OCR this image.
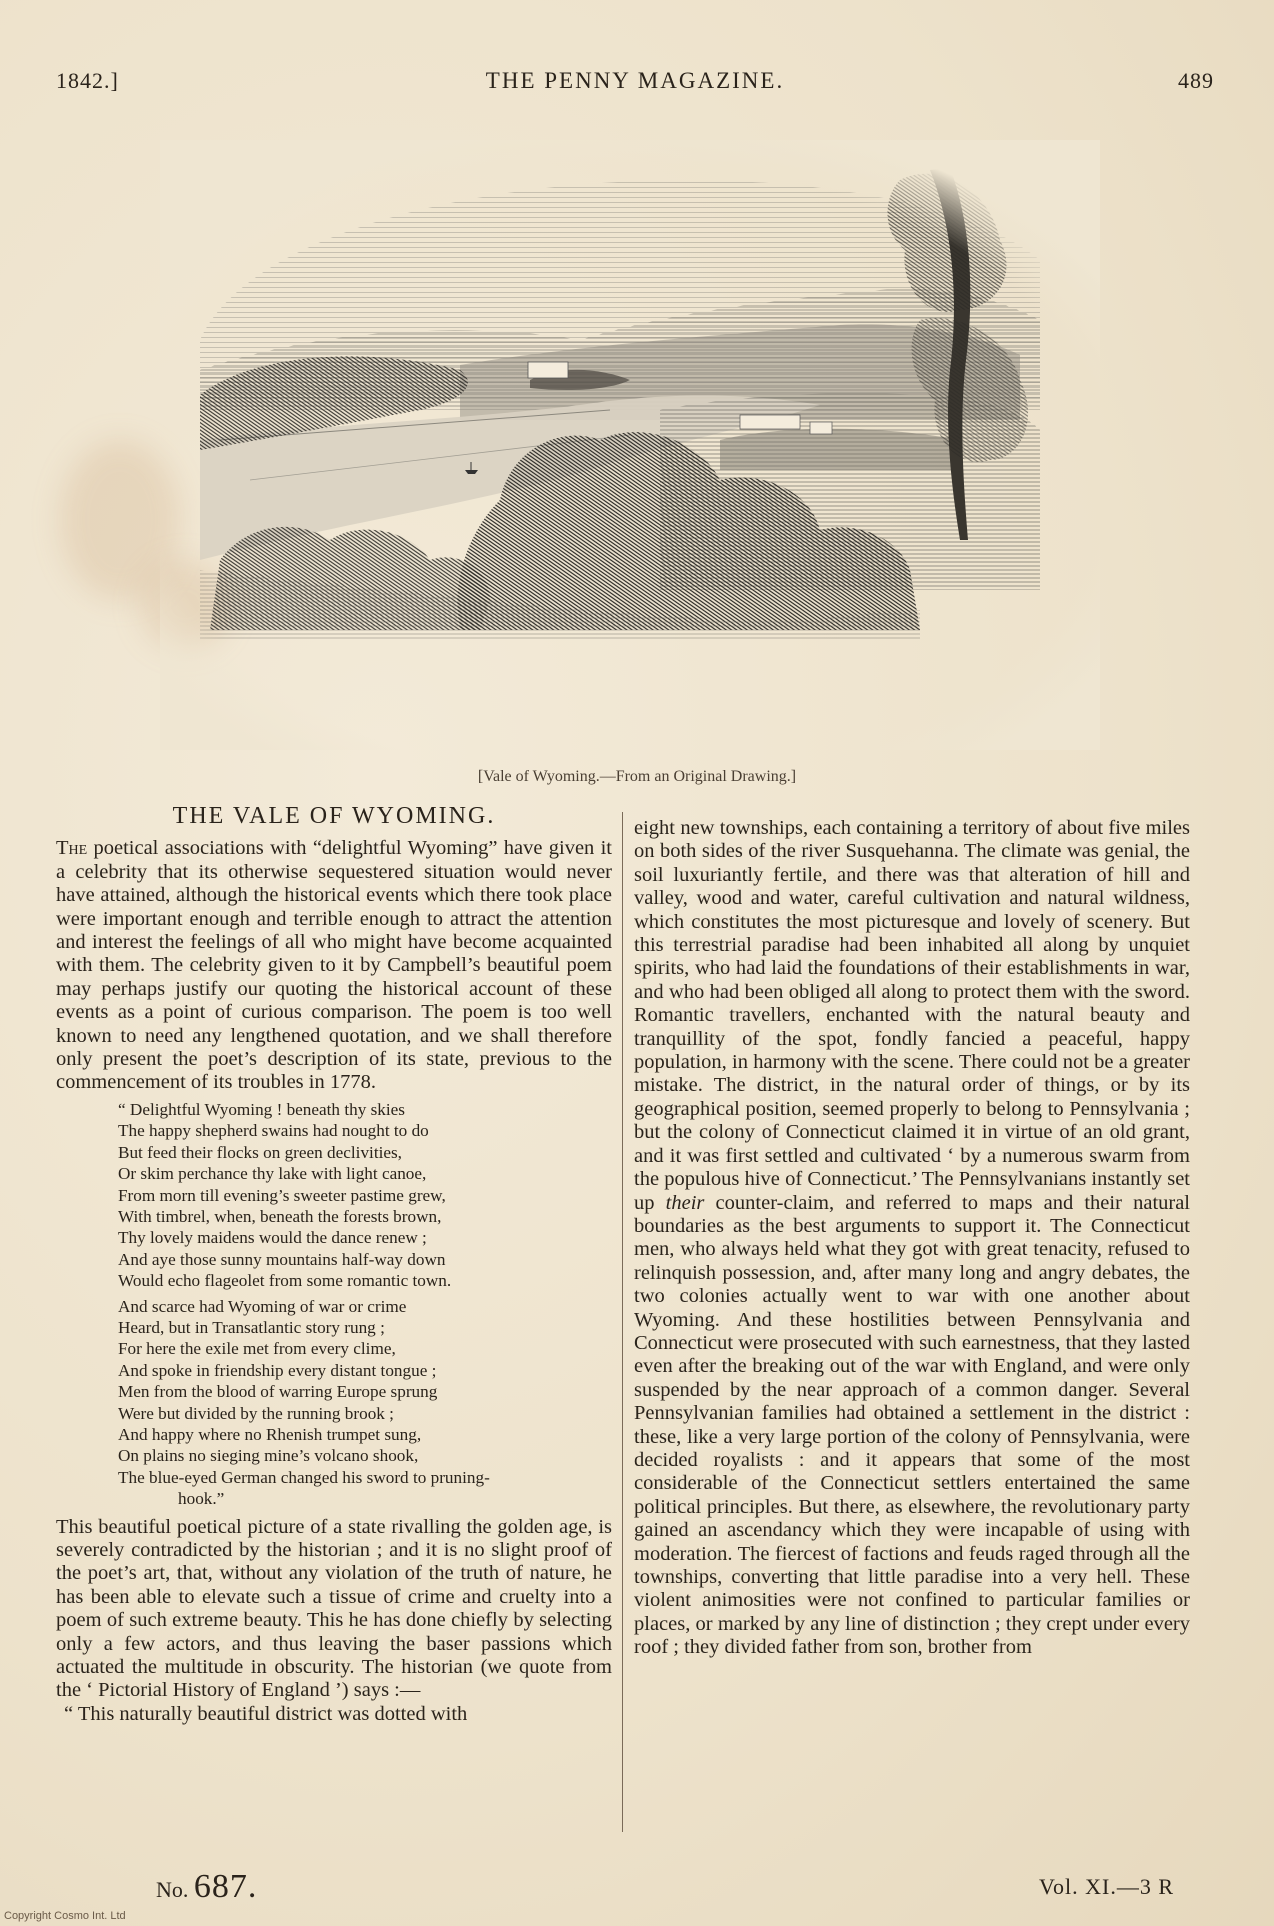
1842.]	THE PENNY MAGAZINE.	489
[Vale of Wyoming.—From an Original Drawing.]
THE VALE OF WYOMING.

The poetical associations with “delightful Wyoming” have given it a celebrity that its otherwise sequestered situation would never have attained, although the historical events which there took place were important enough and terrible enough to attract the attention and interest the feelings of all who might have become acquainted with them. The celebrity given to it by Campbell’s beautiful poem may perhaps justify our quoting the historical account of these events as a point of curious comparison. The poem is too well known to need any lengthened quotation, and we shall therefore only present the poet’s description of its state, previous to the commencement of its troubles in 1778.

“ Delightful Wyoming ! beneath thy skies
The happy shepherd swains had nought to do
But feed their flocks on green declivities,
Or skim perchance thy lake with light canoe,
From morn till evening’s sweeter pastime grew,
With timbrel, when, beneath the forests brown,
Thy lovely maidens would the dance renew ;
And aye those sunny mountains half-way down
Would echo flageolet from some romantic town.
And scarce had Wyoming of war or crime
Heard, but in Transatlantic story rung ;
For here the exile met from every clime,
And spoke in friendship every distant tongue ;
Men from the blood of warring Europe sprung
Were but divided by the running brook ;
And happy where no Rhenish trumpet sung,
On plains no sieging mine’s volcano shook,
The blue-eyed German changed his sword to pruning-
hook.”

This beautiful poetical picture of a state rivalling the golden age, is severely contradicted by the historian ; and it is no slight proof of the poet’s art, that, without any violation of the truth of nature, he has been able to elevate such a tissue of crime and cruelty into a poem of such extreme beauty. This he has done chiefly by selecting only a few actors, and thus leaving the baser passions which actuated the multitude in obscurity. The historian (we quote from the ‘ Pictorial History of England ’) says :—

“ This naturally beautiful district was dotted with

eight new townships, each containing a territory of about five miles on both sides of the river Susquehanna. The climate was genial, the soil luxuriantly fertile, and there was that alteration of hill and valley, wood and water, careful cultivation and natural wildness, which constitutes the most picturesque and lovely of scenery. But this terrestrial paradise had been inhabited all along by unquiet spirits, who had laid the foundations of their establishments in war, and who had been obliged all along to protect them with the sword. Romantic travellers, enchanted with the natural beauty and tranquillity of the spot, fondly fancied a peaceful, happy population, in harmony with the scene. There could not be a greater mistake. The district, in the natural order of things, or by its geographical position, seemed properly to belong to Pennsylvania ; but the colony of Connecticut claimed it in virtue of an old grant, and it was first settled and cultivated ‘ by a numerous swarm from the populous hive of Connecticut.’ The Pennsylvanians instantly set up their counter-claim, and referred to maps and their natural boundaries as the best arguments to support it. The Connecticut men, who always held what they got with great tenacity, refused to relinquish possession, and, after many long and angry debates, the two colonies actually went to war with one another about Wyoming. And these hostilities between Pennsylvania and Connecticut were prosecuted with such earnestness, that they lasted even after the breaking out of the war with England, and were only suspended by the near approach of a common danger. Several Pennsylvanian families had obtained a settlement in the district : these, like a very large portion of the colony of Pennsylvania, were decided royalists : and it appears that some of the most considerable of the Connecticut settlers entertained the same political principles. But there, as elsewhere, the revolutionary party gained an ascendancy which they were incapable of using with moderation. The fiercest of factions and feuds raged through all the townships, converting that little paradise into a very hell. These violent animosities were not confined to particular families or places, or marked by any line of distinction ; they crept under every roof ; they divided father from son, brother from

No. 687.	Vol. XI.—3 R
Copyright Cosmo Int. Ltd
